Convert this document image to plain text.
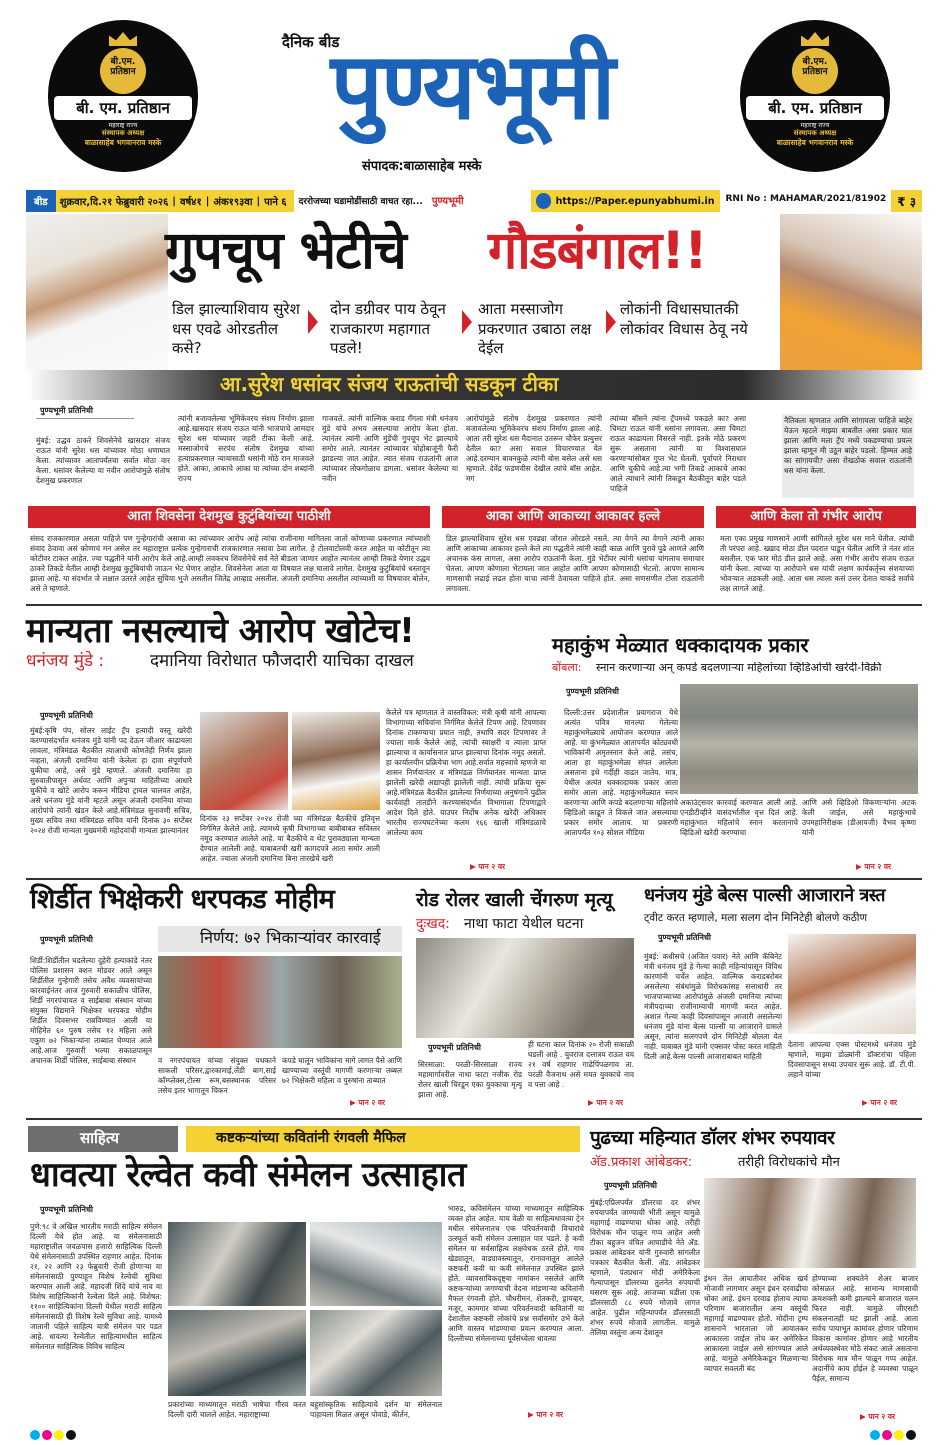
बी.एम. प्रतिष्ठान
बी. एम. प्रतिष्ठान
महाराष्ट्र राज्य
संस्थापक अध्यक्ष
बाळासाहेब भगवानराव मस्के
बी.एम. प्रतिष्ठान
बी. एम. प्रतिष्ठान
महाराष्ट्र राज्य
संस्थापक अध्यक्ष
बाळासाहेब भगवानराव मस्के
दैनिक बीड
पुण्यभूमी
संपादक:बाळासाहेब मस्के
बीड	शुक्रवार,दि.२१ फेब्रुवारी २०२६ | वर्ष४१ | अंक१९३वा | पाने ६	दररोजच्या घडामोडींसाठी वाचत रहा... पुण्यभूमी	https://Paper.epunyabhumi.in	RNI No : MAHAMAR/2021/81902 ₹ ३
गुपचूप भेटीचे गौडबंगाल!!
डिल झाल्याशिवाय सुरेश धस एवढे ओरडतील कसे?
दोन डग्रीवर पाय ठेवून राजकारण महागात पडले!
आता मस्साजोग प्रकरणात उबाठा लक्ष देईल
लोकांनी विधासघातकी लोकांवर विधास ठेवू नये
आ.सुरेश धसांवर संजय राऊतांची सडकून टीका
पुण्यभूमी प्रतिनिधी
मुंबई: उद्धव ठाकरे शिवसेनेचे खासदार संजय राऊत यांनी सुरेश धस यांच्यावर मोठा धणाघात केला. त्यांच्यावर आतापर्यंतचा सर्वात मोठा वार केला. धसांवर केलेल्या या नवीन आरोपांमुळे संतोष देशमुख प्रकरणात
त्यांनी बजावलेल्या भूमिकेवरच संशय निर्माण झाला आहे.खासदार संजय राऊत यांनी भाजपाचे आमदार सुरेश धस यांच्यावर जहरी टीका केली आहे. मस्साजोगचे सरपंच संतोष देशमुख यांच्या हत्याप्रकरणात न्यायासाठी धसांनी मोठे रान माजवले होते. आका, आकाचे आका या त्यांच्या दोन शब्दांनी राज्य
गाजवले. त्यांनी वाल्मिक कराड गँगला मंत्री धनंजय मुंडे यांचे अभय असल्याचा आरोप केला होता. त्यानंतर त्यांनी आणि मुंडेंची गुपचूप भेट झाल्याचे समोर आले. त्यानंतर त्यांच्यावर चोहोबाजूंनी फैरी झाडल्या जात आहेत. त्यात संजय राऊतांनी आज त्यांच्यावर तोफगोळाच डागला. धसांवर केलेल्या या नवीन
आरोपांमुळे संतोष देशमुख प्रकरणात त्यांनी बजावलेल्या भूमिकेवरच संशय निर्माण झाला आहे. आता तरी सुरेश धस मैदानात उतरून चौफेर प्रत्युत्तर देतील का? असा सवाल विचारण्यात येत आहे.दरम्यान बावनकुळे त्यांनी बोस बसेल असे धस म्हणाले. देवेंद्र फडणवीस देखील त्यांचे बॉस आहेत. मग
त्यांच्या बॉसने त्यांना ट्रॅपमध्ये पकडले का? असा चिमटा राऊत यांनी धसांना लगावला. असा चिमटा राऊत काढायला विसरले नाही. इतके मोठे प्रकरण सुरू असताना त्यांनी या विश्वासघात करणाऱ्यांसोबत गुप्त भेट घेतली. पूर्वापारे निराधार आणि चुकीचे आहे.त्या भगी तिकडे आकाचे आका आले त्याधाने त्यांनी तिकडून बैठकीतून बाहेर पडले पाहिजे
नैतिकता म्हणतात आणि सांगायला पाहिजे बाहेर येऊन म्हटले माझ्या बाबतीत असा प्रकार घात झाला आणि मला ट्रॅप मध्ये पकडण्याचा प्रयत्न झाला म्हणून मी उठून बाहेर पडलो. हिम्मत आहे का सांगायची? असा रोखठोक सवाल राऊतांनी धस यांना केला.
आता शिवसेना देशमुख कुटुंबियांच्या पाठीशी	आका आणि आकाच्या आकावर हल्ले	आणि केला तो गंभीर आरोप
संसद राजकारणात असता पाहिजे पण गुन्हेगारांची असावा का त्यांच्यावर आरोप आहे त्यांचा राजीनामा मागितला जातो कोणाच्या प्रकरणात त्यांच्याशी संवाद ठेवावा असं कोणाचं मन असेल तर महाराष्ट्रात प्रत्येक गुन्हेगाराची राजकारणात नसावा ठेवा लागेल. हे टोलवाटोलवी करत आहेत या कोटीतून त्या कोटीवर टाकत आहेत. ज्या पद्धतीने यांनी आरोप केले आहे.आम्ही लवकरच शिवसेनेचे सर्व नेते बीडला जाणार आहोत त्यानंतर आम्ही तिकडे येणार उद्धव ठाकरे तिकडे येतील आम्ही देशमुख कुटुंबियांची जाऊन भेट घेणार आहोत. शिवसेनेला आता या विषयात लक्ष घालावे लागेल. देशमुख कुटुंबियांचे धस्तावून झाला आहे. या संदर्भात जे लक्षात उतरते आहेत सुचिया भुजे असतील जितेंद्र आव्हाड असतील. अंजली दमानिया असतील त्यांच्याशी या विषयावर बोलेन, असे ते म्हणाले.
डिल झाल्याशिवाय सुरेश धस एवढ्या जोरात ओरडले नसते. त्या वेगने त्या वेगाने त्यांनी आका आणि आकाच्या आकावर हल्ले केले त्या पद्धतीने त्यांनी काही काळ आणि पुरावे पुढे आणले आणि अचानक कंस लागला, असा आरोप राऊतांनी केला. मुंडे भेटीवर त्यांनी धसांचा चांगलाच समाचार घेतला. आपण कोणाला भेटायला जात आहोत आणि आपण कोणासाठी भेटलो. आपण सामान्य माणसाची लढाई लढत होता याचा त्यांनी ठेवायला पाहिजे होतं. असा सणसणीत टोला राऊतांनी लगावला.
मला एका प्रमुख माणसाने आणी सांगितले सुरेश धस माने घेतील. त्यांची ती परंपरा आहे. ख्खाद मोठा डील पदरात पाडून घेतील आणि ते नंतर शांत बसतील. एक फार मोठं डील झाले आहे. असा गंभीर आरोप संजय राऊत यांनी केला. त्यांच्या या आरोपाने धस यांची लक्षण कार्यकर्तृत्त्व संशयाच्या भोवऱ्यात अडकली आहे. आता धस त्याला कसं उत्तर देतात याकडे सर्वांचे लक्ष लागले आहे.
मान्यता नसल्याचे आरोप खोटेच!
धनंजय मुंडे :	दमानिया विरोधात फौजदारी याचिका दाखल
पुण्यभूमी प्रतिनिधी
मुंबई:कृषि पंप, सोलर लाईट ट्रॅप इत्यादी वस्तू खरेदी करण्यासंदर्भात धनंजय मुंडे यांनी पद देऊन जीआर काढायला लावला, मंत्रिमंडळ बैठकीत त्याआधी कोणतेही निर्णय झाला नव्हता, अंजली दमानिया यांनी केलेला हा दावा संपूर्णपणे चुकीचा आहे, असे मुंडे म्हणाले. अंजली दमानिया हा सुरुवातीपासून अर्धवट आणि अपुऱ्या माहितीच्या आधारे चुकीचे व खोटे आरोप करून मीडिया ट्रायल चालवत आहेत, असे धनंजय मुंडे यांनी म्हटले असून अंजली दमानिया यांच्या आरोपांचे त्यांनी खंडन केले आहे.मंत्रिमंडळ सुनावणी सचिव, मुख्य सचिव तथा मंत्रिमंडळ सचिव यांनी दिनांक ३० सप्टेंबर २०२४ रोजी मान्यता मुख्यमंत्री महोदयांची मान्यता झाल्यानंतर
दिनांक २३ सप्टेंबर २०२४ रोजी च्या मंत्रिमंडळ बैठकीचे इतिवृत्त निर्गमित केलेले आहे. त्यामध्ये कृषी विभागाच्या बाबीबाबत सविस्तर नमूद करण्यात आलेले आहे. या बैठकीचे व थेट पुरावठ्याला मान्यता देण्यात आलेली आहे. याबाबतची खरी कागदपत्रे आता समोर आली आहेत. ज्याला अंजली दमानिया बिना तारखेचे खरी
केलेले पत्र म्हणतात ते वास्तविकत: मंत्री कृषी यांनी आपल्या विभागाच्या सचिवांना निर्गमित केलेले टिपण आहे. टिपणावर दिनांक टाकण्याचा प्रघात नाही, तथापि सदर टिपणावर ते ज्याला मार्क केलेले आहे, त्यांची स्वाक्षरी व त्याला प्राप्त झाल्याचा व कार्यासनात प्राप्त झाल्याचा दिनांक नमूद असतो. हा कार्यालयीन प्रक्रियेचा भाग आहे.सर्वात महत्त्वाचे म्हणजे या शासन निर्णयानंतर व मंत्रिमंडळ निर्णयानंतर मान्यता प्राप्त झालेली खरेदी अद्यापही झालेली नाही. त्यांची प्रक्रिया सुरू आहे.मंत्रिमंडळ बैठकीत झालेल्या निर्णयाच्या अनुषंगाने पुढील कार्यवाही तातडीने करण्यासंदर्भात विभागाला टिपणाद्वारे आदेश दिले होते. याउपर निर्दोष अनेक खरेदी अधिकार भारतीय राज्यघटनेच्या कलम १६६ खाली मंत्रिमंडळाचे आलेल्या काय
▶ पान २ वर
महाकुंभ मेळ्यात धक्कादायक प्रकार
बोंबला: स्नान करणाऱ्या अन् कपडे बदलणाऱ्या महिलांच्या व्हिडिओची खरेदी-विक्री
पुण्यभूमी प्रतिनिधी
दिल्ली:उत्तर प्रदेशातील प्रयागराज येथे अत्यंत पवित्र मानल्या गेलेल्या महाकुंभमेळ्याचे आयोजन करण्यात आले आहे. या कुंभमेळ्यात आतापर्यंत कोट्यवधी भाविकांनी अमृतस्नान केले आहे. तसंच, आता हा महाकुंभमेळा संपत आलेला असताना इथे गर्दीही वाढत जातेय. मात्र, येथील अत्यंत धक्कादायक प्रकार आता समोर आला आहे. महाकुंभमेळ्यात स्नान करणाऱ्या आणि कपडे बदलणाऱ्या महिलांचे व्हिडिओ काढून ते विकले जात असल्याचा प्रकार समोर आलाय. या प्रकरणी आतापर्यंत १०३ सोशल मीडिया
अकाउंट्सवर कारवाई करण्यात आली आहे. एनडीटीव्हीने यासंदर्भातील वृत्त दिलं आहे. महाकुंभात महिलांचे स्नान करतानाचे व्हिडिओ खरेदी करण्याचा
आणि असे व्हिडिओ विकणाऱ्यांना अटक केली जाईल, असे महाकुंभाचे उपमहानिरीक्षक (डीआयजी) वैभव कृष्णा यांनी
▶ पान २ वर
शिर्डीत भिक्षेकरी धरपकड मोहीम
निर्णय: ७२ भिकाऱ्यांवर कारवाई
पुण्यभूमी प्रतिनिधी
शिर्डी:शिर्डीतील घडलेल्या दुहेरी हत्याकांडे नंतर पोलिस प्रशासन क्शन मोडवर आले असून शिर्डीतील गुन्हेगारी तसेच अवैध व्यवसायांच्या कारवाईनंतर आज गुरुवारी सकाळीच पोलिस, शिर्डी नगरपंचायत व साईबाबा संस्थान यांच्या संयुक्त विद्यमाने भिक्षेकर धरपकड मोहीम शिर्डीत दिवसभर राबविण्यात आली या मोहिमेत ६० पुरुष तसेच १२ महिला असे एकूण ७२ भिकाऱ्यांना ताब्यात घेण्यात आले आहे.आज गुरुवारी भल्या सकाळपासून अचानक शिर्डी पोलिस, साईबाबा संस्थान	व नगरपंचायत यांच्या संयुक्त पथकाने साकली परिसर,द्वारकामाई,लेंडी बाग,साई कॉम्प्लेक्स,टोल्स रूम,बसस्थानक परिसर तसेच इतर भागातून चिकन
कपडे घालून भाविकांना मागे लागत पैसे आणि खाण्याच्या वस्तूंची मागणी करणाऱ्या तब्बल ७२ भिक्षेकरी महिला व पुरुषांना ताब्यात
▶ पान २ वर
रोड रोलर खाली चेंगरुण मृत्यू
दुःखद: नाथा फाटा येथील घटना
पुण्यभूमी प्रतिनिधी
सिरसाळा: परळी-सिरसाळा राज्य महामार्गावरील नाथा फाटा नजीक रोड रोलर खाली चिरडून एका युवकाचा मृत्यू झाला आहे.
ही घटना काल दिनांक २० रोजी सकाळी घडली आहे . युवराज दत्तात्रय राऊत वय २१ वर्ष राहणार गाढेपिंपळगाव ता. परळी वैजनाथ असे मयत युवकाचे नाव व पत्ता आहे .
▶ पान २ वर
धनंजय मुंडे बेल्स पाल्सी आजाराने त्रस्त
ट्वीट करत म्हणाले, मला सलग दोन मिनिटेही बोलणे कठीण
पुण्यभूमी प्रतिनिधी
मुंबई: कधीसचे (अजित पवार) नेते आणि कॅबिनेट मंत्री धनंजय मुंडे हे गेल्या काही महिन्यांपासून विविध कारणांनी चर्चेत आहेत. वाल्मिक कराडबरोबर असलेल्या संबंधांमुळे विरोधकांसह सत्ताधारी तर भाजपाच्याच्या आरोपांमुळे अंजली दमानिया त्यांच्या मंत्रीपदाच्या राजीनाम्याची मागणी करत आहेत. अशात गेल्या काही दिवसांपासून आजारी असलेल्या धनंजय मुंडे यांना बेल्स पाल्सी या आजाराने ग्रासले असून, त्यांना सलगपणे दोन मिनिटेही बोलता येत नाही. याबाबत मुंडे यांनी एक्सवर पोस्ट करत माहिती दिली आहे.बेल्स पाल्सी आजाराबाबत माहिती
देताना आपल्या एक्स पोस्टमध्ये धनंजय मुंडे म्हणाले, माझ्या डोळ्यांनी डॉक्टरांचा पहिला दिवसापासून सध्या उपचार सुरू आहे. डॉ. टी.पी. लहाने यांच्या
▶ पान २ वर
साहित्य	कष्टकऱ्यांच्या कवितांनी रंगवली मैफिल
धावत्या रेल्वेत कवी संमेलन उत्साहात
पुण्यभूमी प्रतिनिधी
पुणे:९८ वे अखिल भारतीय मराठी साहित्य संमेलन दिल्ली येथे होत आहे. या संमेलनासाठी महाराष्ट्रातील जवळपास हजारो साहित्यिक दिल्ली येथे संमेलनासाठी उपस्थित राहणार आहेत. दिनांक २१, २२ आणि २३ फेब्रुवारी रोजी होणाऱ्या या संमेलनासाठी पुण्याहून विशेष रेल्वेची सुविधा करण्यात आली आहे. महादजी शिंदे यांचे नाव या विशेष साहित्यिकांनी रेल्वेला दिले आहे. विशेषत: ११०० साहित्यिकांना दिल्ली येथील मराठी साहित्य संमेलनासाठी ही विशेष रेल्वे सुविधा आहे. यामध्ये जातानी पहिले साहित्य यात्री संमेलन पार पडत आहे. धावत्या रेल्वेतील साहित्यामधील साहित्य संमेलनात साहित्यिक विविध साहित्य
प्रकारांच्या माध्यमातून मराठी भाषेचा गौरव करत दिल्ली दारी चालले आहेत. महाराष्ट्राच्या
बहुसांस्कृतिक साहित्याचे दर्शन या संमेलनात पाहायला मिळत असून पोवाडे, कीर्तन,
भारुड, कविसंमेलन यांच्या माध्यमातून साहित्यिक व्यक्त होत आहेत. याच वेळी या साहित्यधावत्या ट्रेन मधील संमेलनातच एक परिवर्तनवादी विचारांचे उत्स्फूर्त कवी संमेलन उत्साहात पार पडले. हे कवी संमेलन या सर्वसाहित्य लक्षवेधक ठरले होते. गाव खेड्यातून, वाड्यावस्त्यातून, रानावनातून आलेले कष्टकरी कवी या कवी संमेलनात उपस्थित झाले होते. व्यावसायिकदृष्ट्या नामांकन नसलेले आणि कष्टकऱ्यांच्या जगण्याची वेदना मांडणाऱ्या कवितांनी मैफल रंगवली होते. चौधरीमन, शेतकरी, ड्रायव्हर, मजूर, कामगार यांच्या परिवर्तनवादी कवितांनी या देशातील कष्टकरी लोकांचे प्रश्न सर्वांसमोर उभे केले आणि वास्तव मांडण्याचा प्रयत्न करण्यात आला. दिल्लीच्या संमेलनाच्या पूर्वसंध्येला धावत्या
▶ पान २ वर
पुढच्या महिन्यात डॉलर शंभर रुपयावर
अ‍ॅड.प्रकाश आंबेडकर:	तरीही विरोधकांचे मौन
पुण्यभूमी प्रतिनिधी
मुंबई:एप्रिलपर्यंत डॉलरचा दर शंभर रुपयापर्यंत जाण्याची भीती असून यामुळे महागाई वाढण्याचा धोका आहे. तरीही विरोधक मौन पाळून गप्प आहेत असी टीका बहुजन वंचित आघाडीचे नेते अ‍ॅड. प्रकाश आंबेडकर यांनी गुरुवारी सांगलीत पत्रकार बैठकीत केली. अ‍ॅड. आंबेडकर म्हणाले, पंतप्रधान मोदी अमेरिकेला गेल्यापासून डॉलरच्या तुलनेत रुपयाची घसरण सुरू आहे. आजच्या घडीला एक डॉलरसाठी ८८ रुपये मोजावे लागत आहेत. पुढील महिन्यापर्यंत डॉलरसाठी शंभर रुपये मोजावे लागतील. यामुळे तेलिया वस्तुंना अन्य देशातून
इंधन तेल आयातीवर अधिक खर्च मोजावी लागणार असून इंधन दरवाढीचा धोका आहे. इंधन दरवाढ होताच त्याचा परिणाम बाजारातील अन्य वस्तूंची महागाई वाढण्यावर होतो. मोदींना ट्रम्प शासनाने भारताला जो आयातकर आकारला जाईल तोच कर अमेरिकेत आकारला जाईल असे सांगण्यात आले आहे. यामुळे अमेरिकेकडून मिळणाऱ्या व्यापार सवलती बंद
होण्याच्या शक्यतेने शेअर बाजार कोसळत आहे. सामान्य माणसाची क्रयशक्ती कमी झाल्याने बाजारात चलन फिरत नाही. यामुळे जीएसटी संकलनातही घट झाली आहे. आता सर्वच पायाभूत कामांवर होणार परिणाम विकास कामांवर होणार आहे भारतीय अर्थव्यवस्थेवर मोठे संकट आले असताना विरोधक मात्र मौन पाळून गप्प आहेत. अदानींचे काय होईल हे व्यवस्था पाळून पैईल, सामान्य
▶ पान २ वर
